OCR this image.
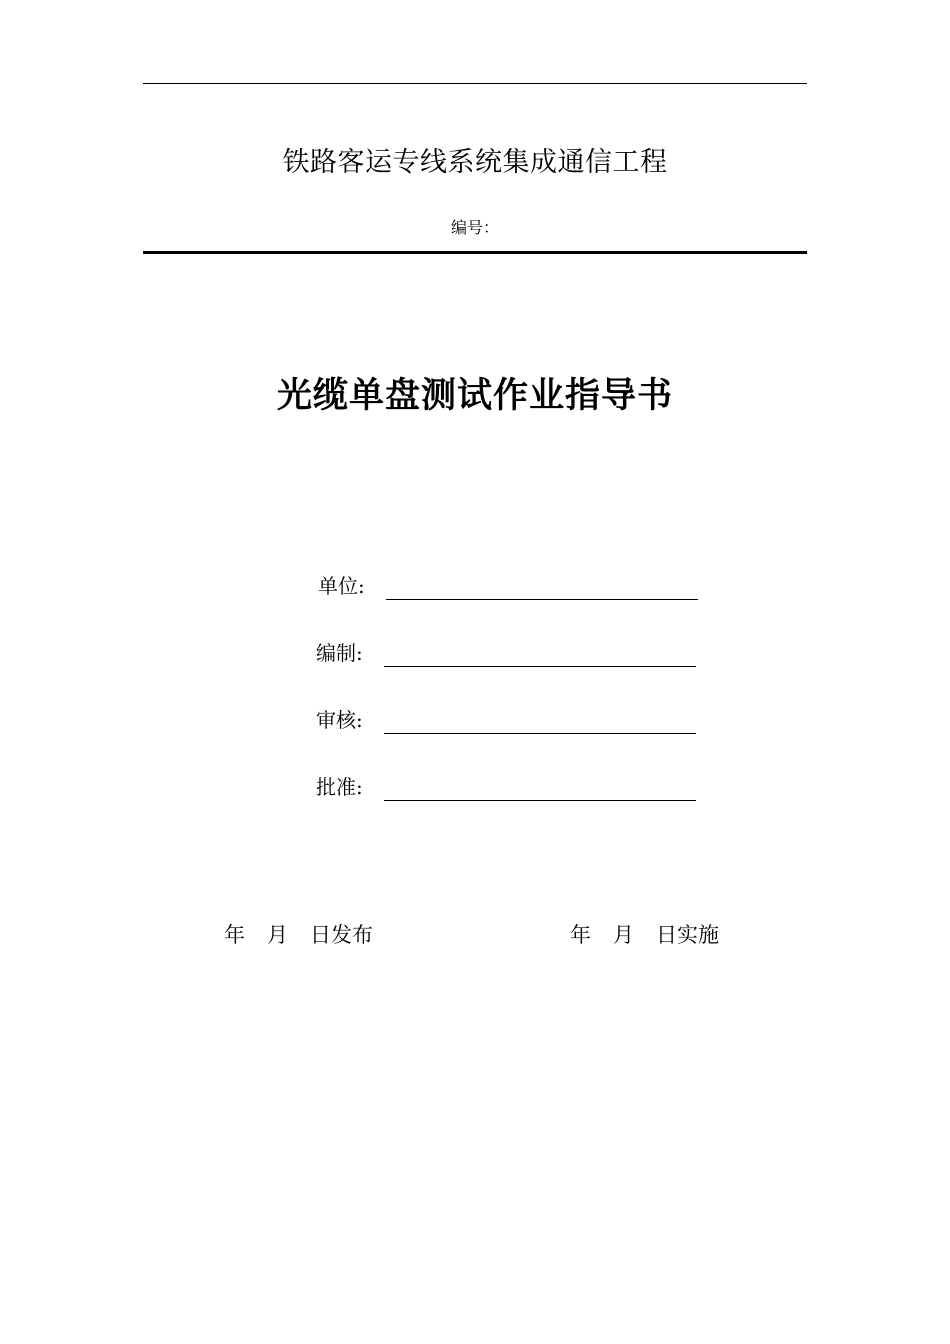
铁路客运专线系统集成通信工程
编号：
光缆单盘测试作业指导书
单位:
编制:
审核:
批准:
年 月 日发布	年 月 日实施
